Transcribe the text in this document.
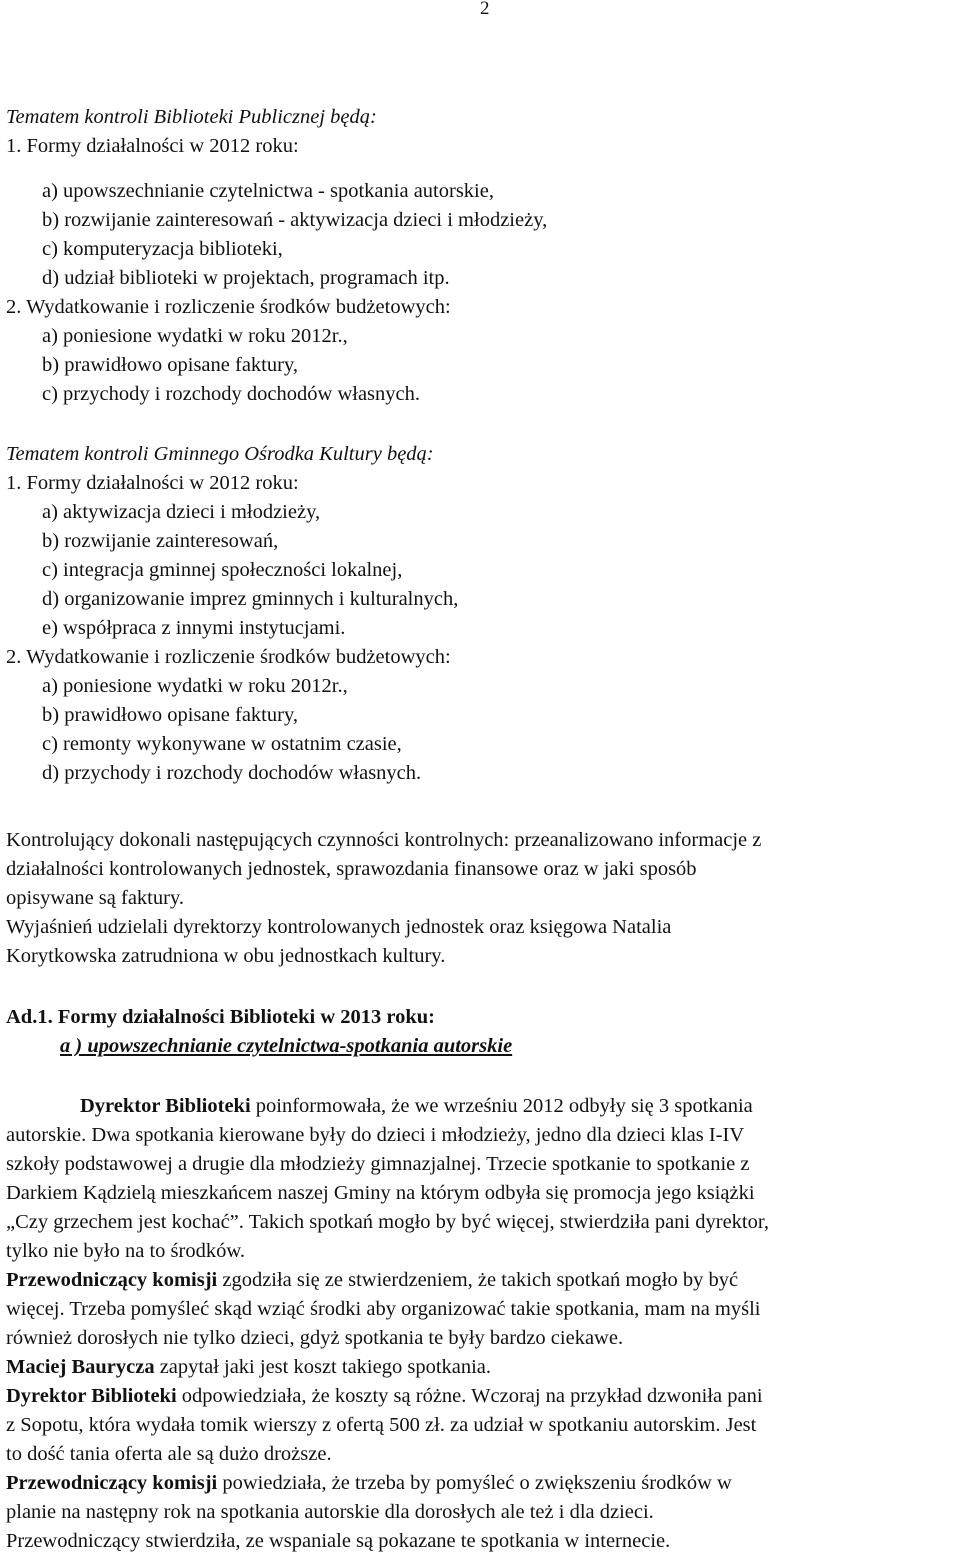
2
Tematem kontroli Biblioteki Publicznej będą:
1. Formy działalności w 2012 roku:
a) upowszechnianie czytelnictwa - spotkania autorskie,
b) rozwijanie zainteresowań - aktywizacja dzieci i młodzieży,
c) komputeryzacja biblioteki,
d) udział biblioteki w projektach, programach itp.
2. Wydatkowanie i rozliczenie środków budżetowych:
a) poniesione wydatki w roku 2012r.,
b) prawidłowo opisane faktury,
c) przychody i rozchody dochodów własnych.
Tematem kontroli Gminnego Ośrodka Kultury będą:
1. Formy działalności w 2012 roku:
a) aktywizacja dzieci i młodzieży,
b) rozwijanie zainteresowań,
c) integracja gminnej społeczności lokalnej,
d) organizowanie imprez gminnych i kulturalnych,
e) współpraca z innymi instytucjami.
2. Wydatkowanie i rozliczenie środków budżetowych:
a) poniesione wydatki w roku 2012r.,
b) prawidłowo opisane faktury,
c) remonty wykonywane w ostatnim czasie,
d) przychody i rozchody dochodów własnych.
Kontrolujący dokonali następujących czynności kontrolnych: przeanalizowano informacje z
działalności kontrolowanych jednostek, sprawozdania finansowe oraz w jaki sposób
opisywane są faktury.
Wyjaśnień udzielali dyrektorzy kontrolowanych jednostek oraz księgowa Natalia
Korytkowska zatrudniona w obu jednostkach kultury.
Ad.1. Formy działalności Biblioteki w 2013 roku:
a ) upowszechnianie czytelnictwa-spotkania autorskie
Dyrektor Biblioteki poinformowała, że we wrześniu 2012 odbyły się 3 spotkania
autorskie. Dwa spotkania kierowane były do dzieci i młodzieży, jedno dla dzieci klas I-IV
szkoły podstawowej a drugie dla młodzieży gimnazjalnej. Trzecie spotkanie to spotkanie z
Darkiem Kądzielą mieszkańcem naszej Gminy na którym odbyła się promocja jego książki
„Czy grzechem jest kochać”. Takich spotkań mogło by być więcej, stwierdziła pani dyrektor,
tylko nie było na to środków.
Przewodniczący komisji zgodziła się ze stwierdzeniem, że takich spotkań mogło by być
więcej. Trzeba pomyśleć skąd wziąć środki aby organizować takie spotkania, mam na myśli
również dorosłych nie tylko dzieci, gdyż spotkania te były bardzo ciekawe.
Maciej Baurycza zapytał jaki jest koszt takiego spotkania.
Dyrektor Biblioteki odpowiedziała, że koszty są różne. Wczoraj na przykład dzwoniła pani
z Sopotu, która wydała tomik wierszy z ofertą 500 zł. za udział w spotkaniu autorskim. Jest
to dość tania oferta ale są dużo droższe.
Przewodniczący komisji powiedziała, że trzeba by pomyśleć o zwiększeniu środków w
planie na następny rok na spotkania autorskie dla dorosłych ale też i dla dzieci.
Przewodniczący stwierdziła, ze wspaniale są pokazane te spotkania w internecie.
